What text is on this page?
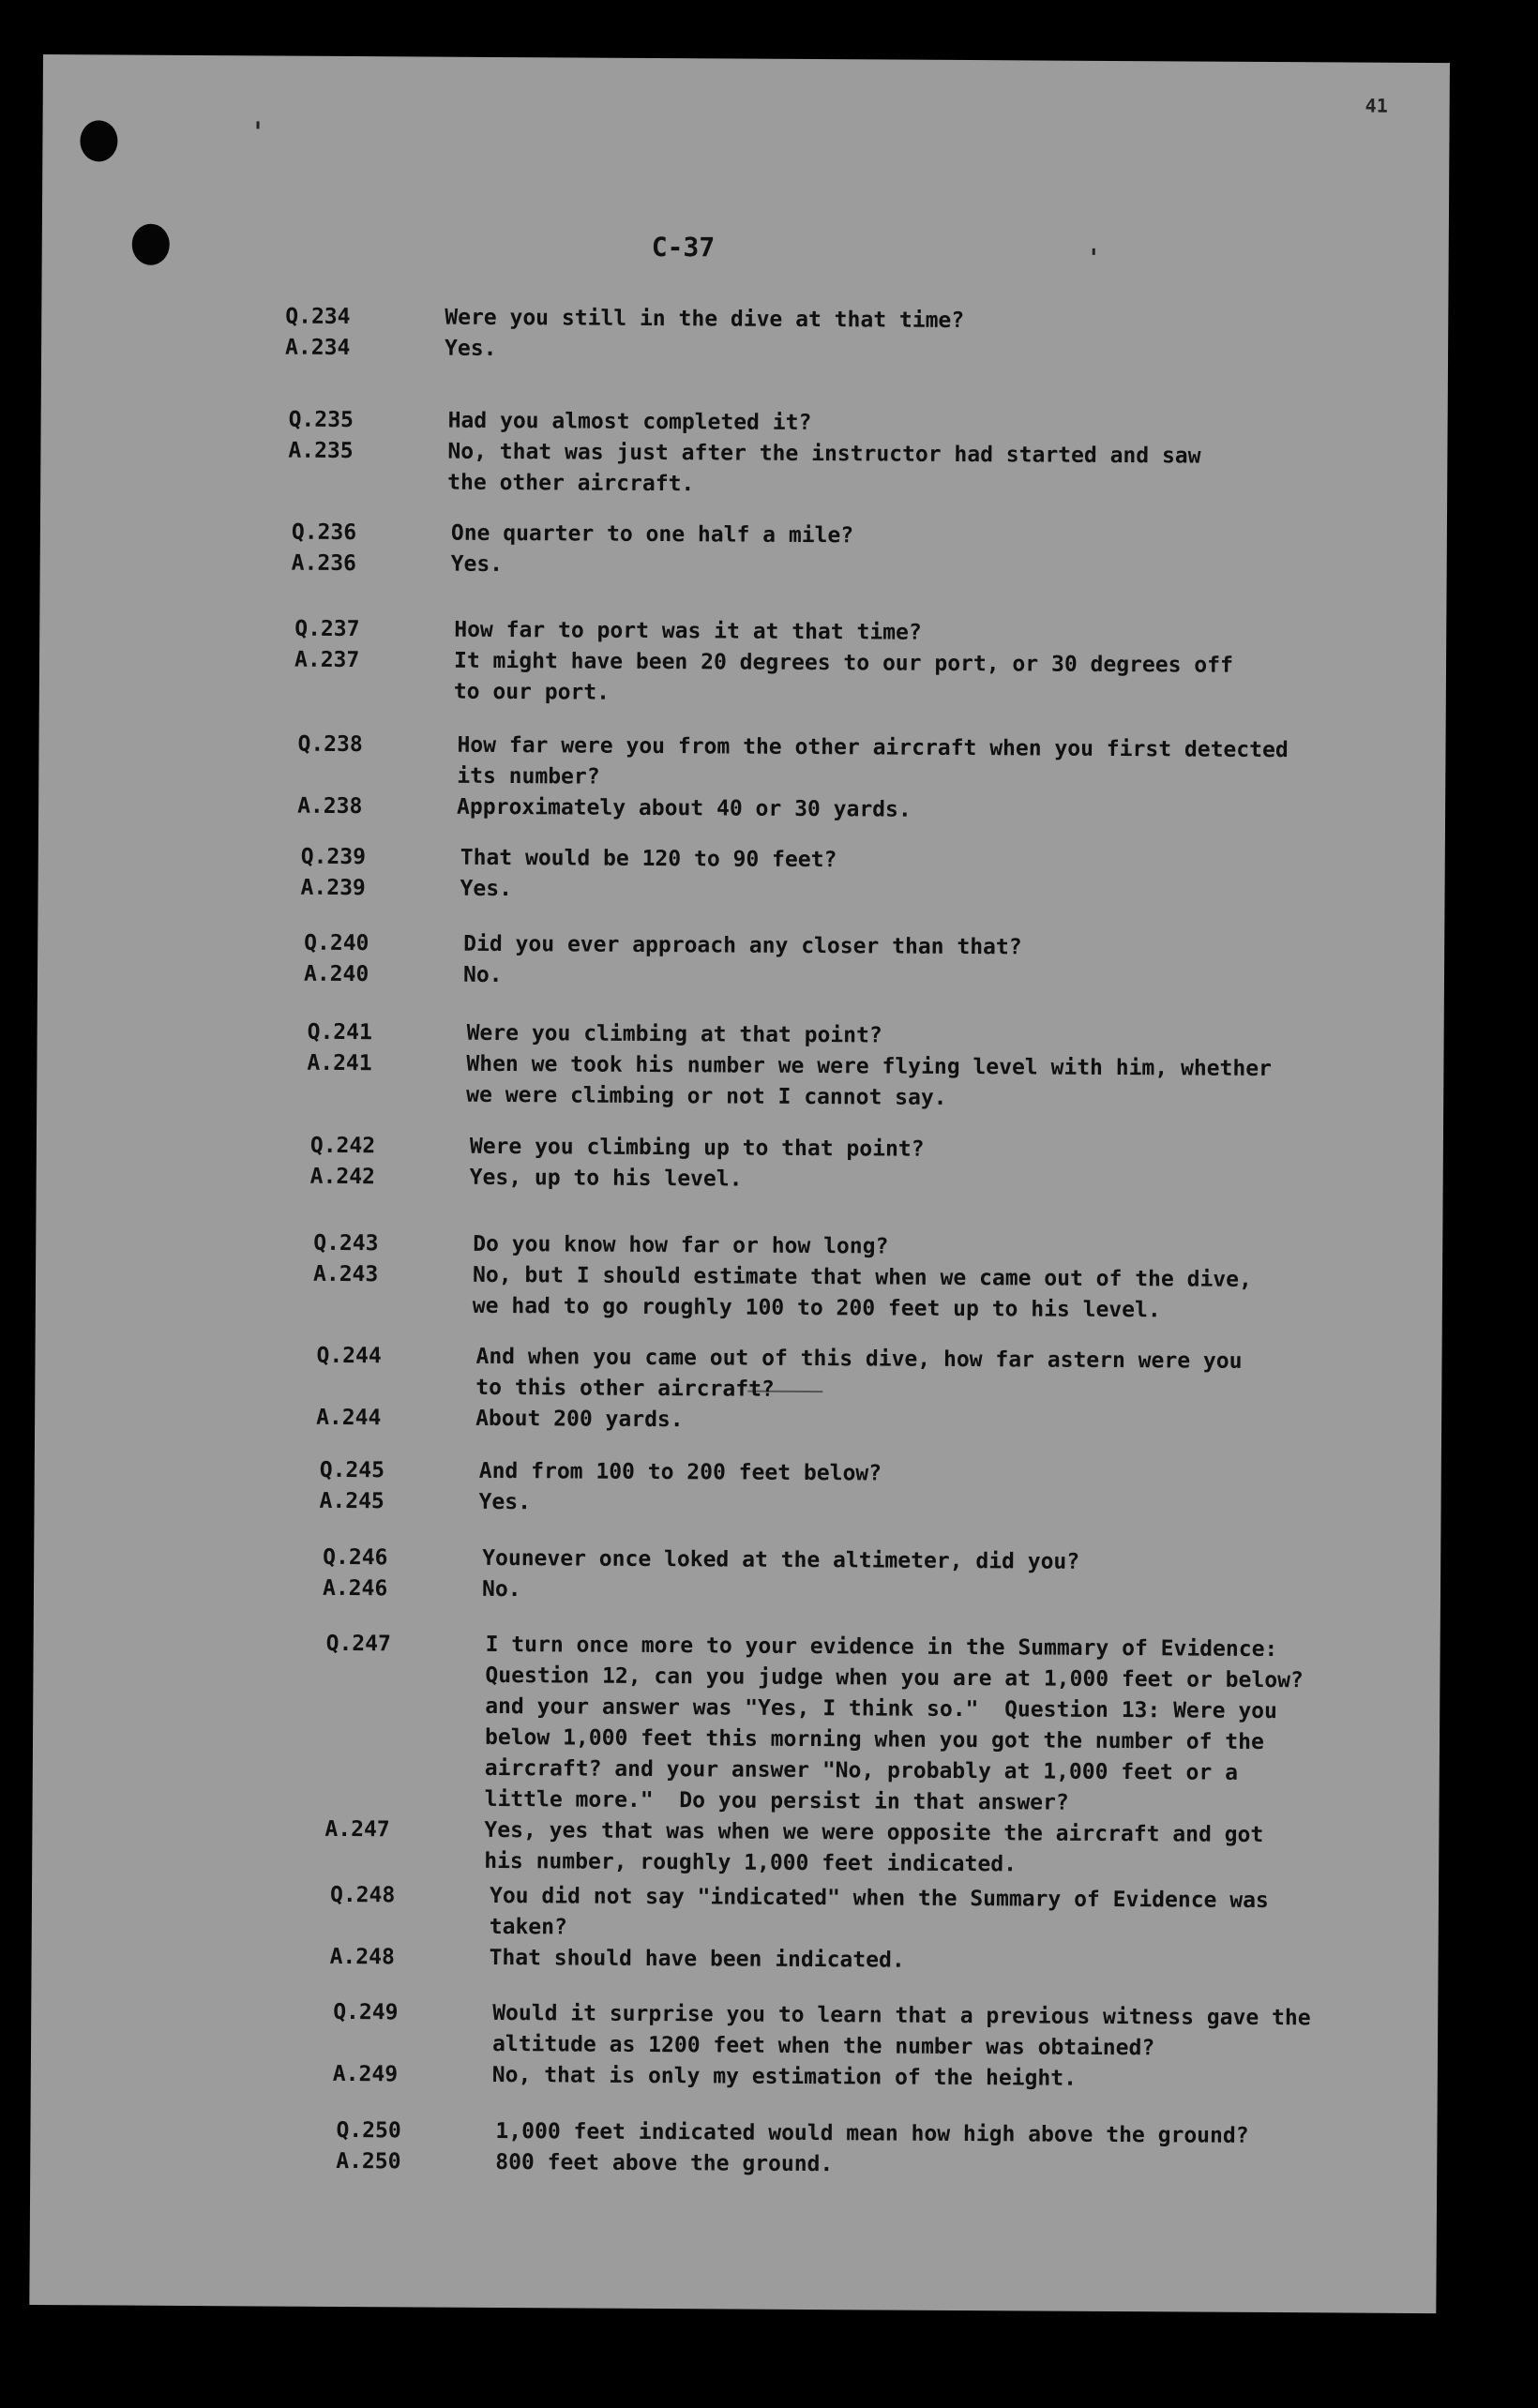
41
C-37
Q.234	Were you still in the dive at that time?
A.234	Yes.
Q.235	Had you almost completed it?
A.235	No, that was just after the instructor had started and saw
the other aircraft.
Q.236	One quarter to one half a mile?
A.236	Yes.
Q.237	How far to port was it at that time?
A.237	It might have been 20 degrees to our port, or 30 degrees off
to our port.
Q.238	How far were you from the other aircraft when you first detected
its number?
A.238	Approximately about 40 or 30 yards.
Q.239	That would be 120 to 90 feet?
A.239	Yes.
Q.240	Did you ever approach any closer than that?
A.240	No.
Q.241	Were you climbing at that point?
A.241	When we took his number we were flying level with him, whether
we were climbing or not I cannot say.
Q.242	Were you climbing up to that point?
A.242	Yes, up to his level.
Q.243	Do you know how far or how long?
A.243	No, but I should estimate that when we came out of the dive,
we had to go roughly 100 to 200 feet up to his level.
Q.244	And when you came out of this dive, how far astern were you
to this other aircraft?
A.244	About 200 yards.
Q.245	And from 100 to 200 feet below?
A.245	Yes.
Q.246	Younever once loked at the altimeter, did you?
A.246	No.
Q.247	I turn once more to your evidence in the Summary of Evidence:
Question 12, can you judge when you are at 1,000 feet or below?
and your answer was "Yes, I think so."  Question 13: Were you
below 1,000 feet this morning when you got the number of the
aircraft? and your answer "No, probably at 1,000 feet or a
little more."  Do you persist in that answer?
A.247	Yes, yes that was when we were opposite the aircraft and got
his number, roughly 1,000 feet indicated.
Q.248	You did not say "indicated" when the Summary of Evidence was
taken?
A.248	That should have been indicated.
Q.249	Would it surprise you to learn that a previous witness gave the
altitude as 1200 feet when the number was obtained?
A.249	No, that is only my estimation of the height.
Q.250	1,000 feet indicated would mean how high above the ground?
A.250	800 feet above the ground.
